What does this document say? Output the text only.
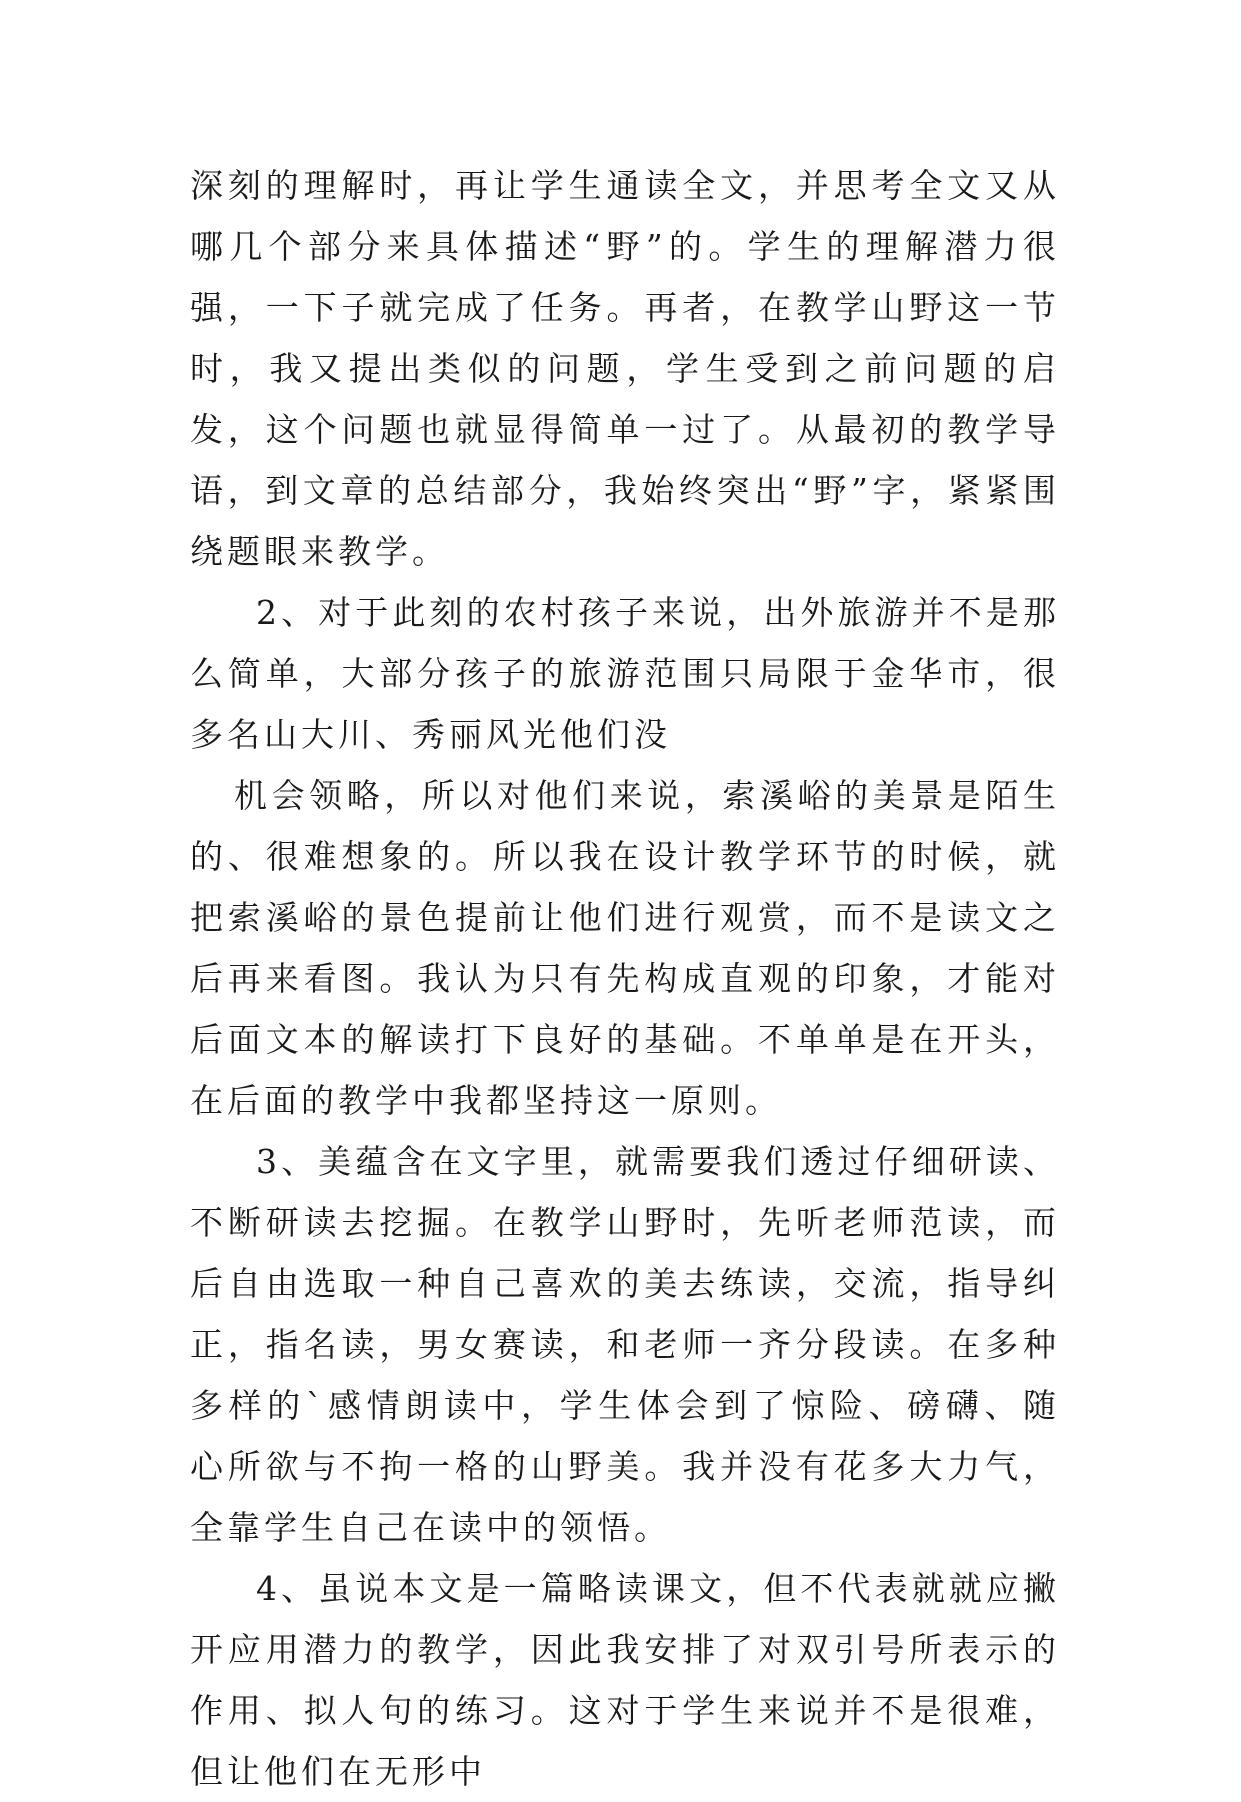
深刻的理解时，再让学生通读全文，并思考全文又从哪几个部分来具体描述“野”的。学生的理解潜力很强，一下子就完成了任务。再者，在教学山野这一节时，我又提出类似的问题，学生受到之前问题的启发，这个问题也就显得简单一过了。从最初的教学导语，到文章的总结部分，我始终突出“野”字，紧紧围绕题眼来教学。

2、对于此刻的农村孩子来说，出外旅游并不是那么简单，大部分孩子的旅游范围只局限于金华市，很多名山大川、秀丽风光他们没

机会领略，所以对他们来说，索溪峪的美景是陌生的、很难想象的。所以我在设计教学环节的时候，就把索溪峪的景色提前让他们进行观赏，而不是读文之后再来看图。我认为只有先构成直观的印象，才能对后面文本的解读打下良好的基础。不单单是在开头，在后面的教学中我都坚持这一原则。

3、美蕴含在文字里，就需要我们透过仔细研读、不断研读去挖掘。在教学山野时，先听老师范读，而后自由选取一种自己喜欢的美去练读，交流，指导纠正，指名读，男女赛读，和老师一齐分段读。在多种多样的`感情朗读中，学生体会到了惊险、磅礴、随心所欲与不拘一格的山野美。我并没有花多大力气，全靠学生自己在读中的领悟。

4、虽说本文是一篇略读课文，但不代表就就应撇开应用潜力的教学，因此我安排了对双引号所表示的作用、拟人句的练习。这对于学生来说并不是很难，但让他们在无形中
